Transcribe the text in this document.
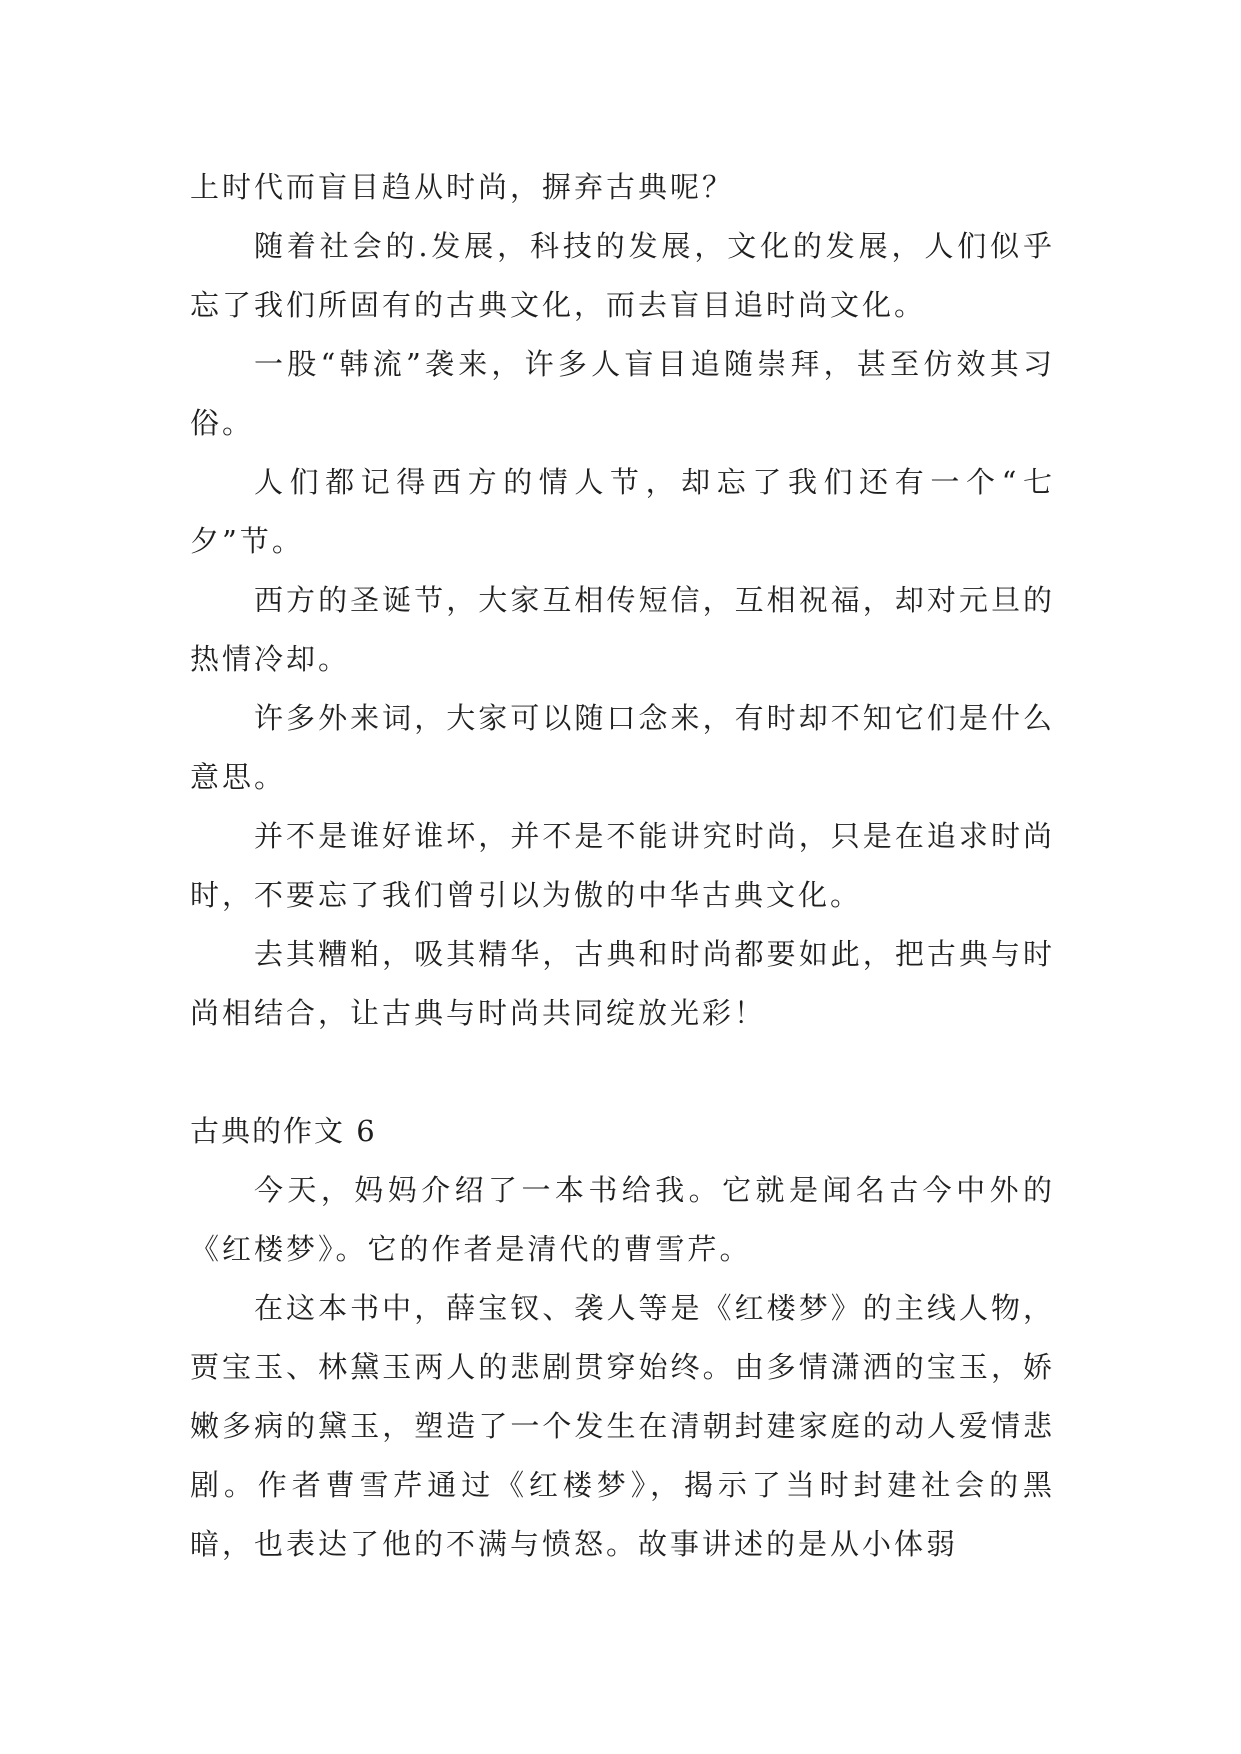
上时代而盲目趋从时尚，摒弃古典呢？

随着社会的.发展，科技的发展，文化的发展，人们似乎忘了我们所固有的古典文化，而去盲目追时尚文化。

一股“韩流”袭来，许多人盲目追随崇拜，甚至仿效其习俗。

人们都记得西方的情人节，却忘了我们还有一个“七夕”节。

西方的圣诞节，大家互相传短信，互相祝福，却对元旦的热情冷却。

许多外来词，大家可以随口念来，有时却不知它们是什么意思。

并不是谁好谁坏，并不是不能讲究时尚，只是在追求时尚时，不要忘了我们曾引以为傲的中华古典文化。

去其糟粕，吸其精华，古典和时尚都要如此，把古典与时尚相结合，让古典与时尚共同绽放光彩！

古典的作文 6

今天，妈妈介绍了一本书给我。它就是闻名古今中外的《红楼梦》。它的作者是清代的曹雪芹。

在这本书中，薛宝钗、袭人等是《红楼梦》的主线人物，贾宝玉、林黛玉两人的悲剧贯穿始终。由多情潇洒的宝玉，娇嫩多病的黛玉，塑造了一个发生在清朝封建家庭的动人爱情悲剧。作者曹雪芹通过《红楼梦》，揭示了当时封建社会的黑暗，也表达了他的不满与愤怒。故事讲述的是从小体弱
